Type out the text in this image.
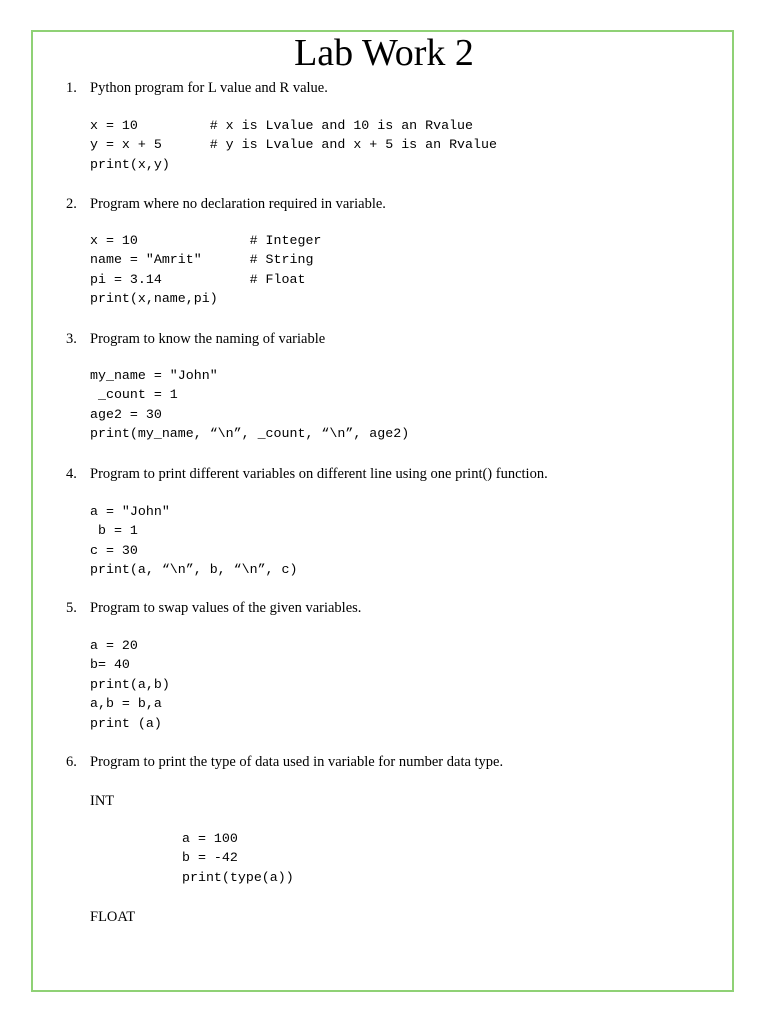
Lab Work 2
1. Python program for L value and R value.
x = 10         # x is Lvalue and 10 is an Rvalue
y = x + 5      # y is Lvalue and x + 5 is an Rvalue
print(x,y)
2. Program where no declaration required in variable.
x = 10              # Integer
name = "Amrit"      # String
pi = 3.14           # Float
print(x,name,pi)
3. Program to know the naming of variable
my_name = "John"
_count = 1
age2 = 30
print(my_name, “\n”, _count, “\n”, age2)
4. Program to print different variables on different line using one print() function.
a = "John"
b = 1
c = 30
print(a, “\n”, b, “\n”, c)
5. Program to swap values of the given variables.
a = 20
b= 40
print(a,b)
a,b = b,a
print (a)
6. Program to print the type of data used in variable for number data type.
INT
a = 100
b = -42
print(type(a))
FLOAT
